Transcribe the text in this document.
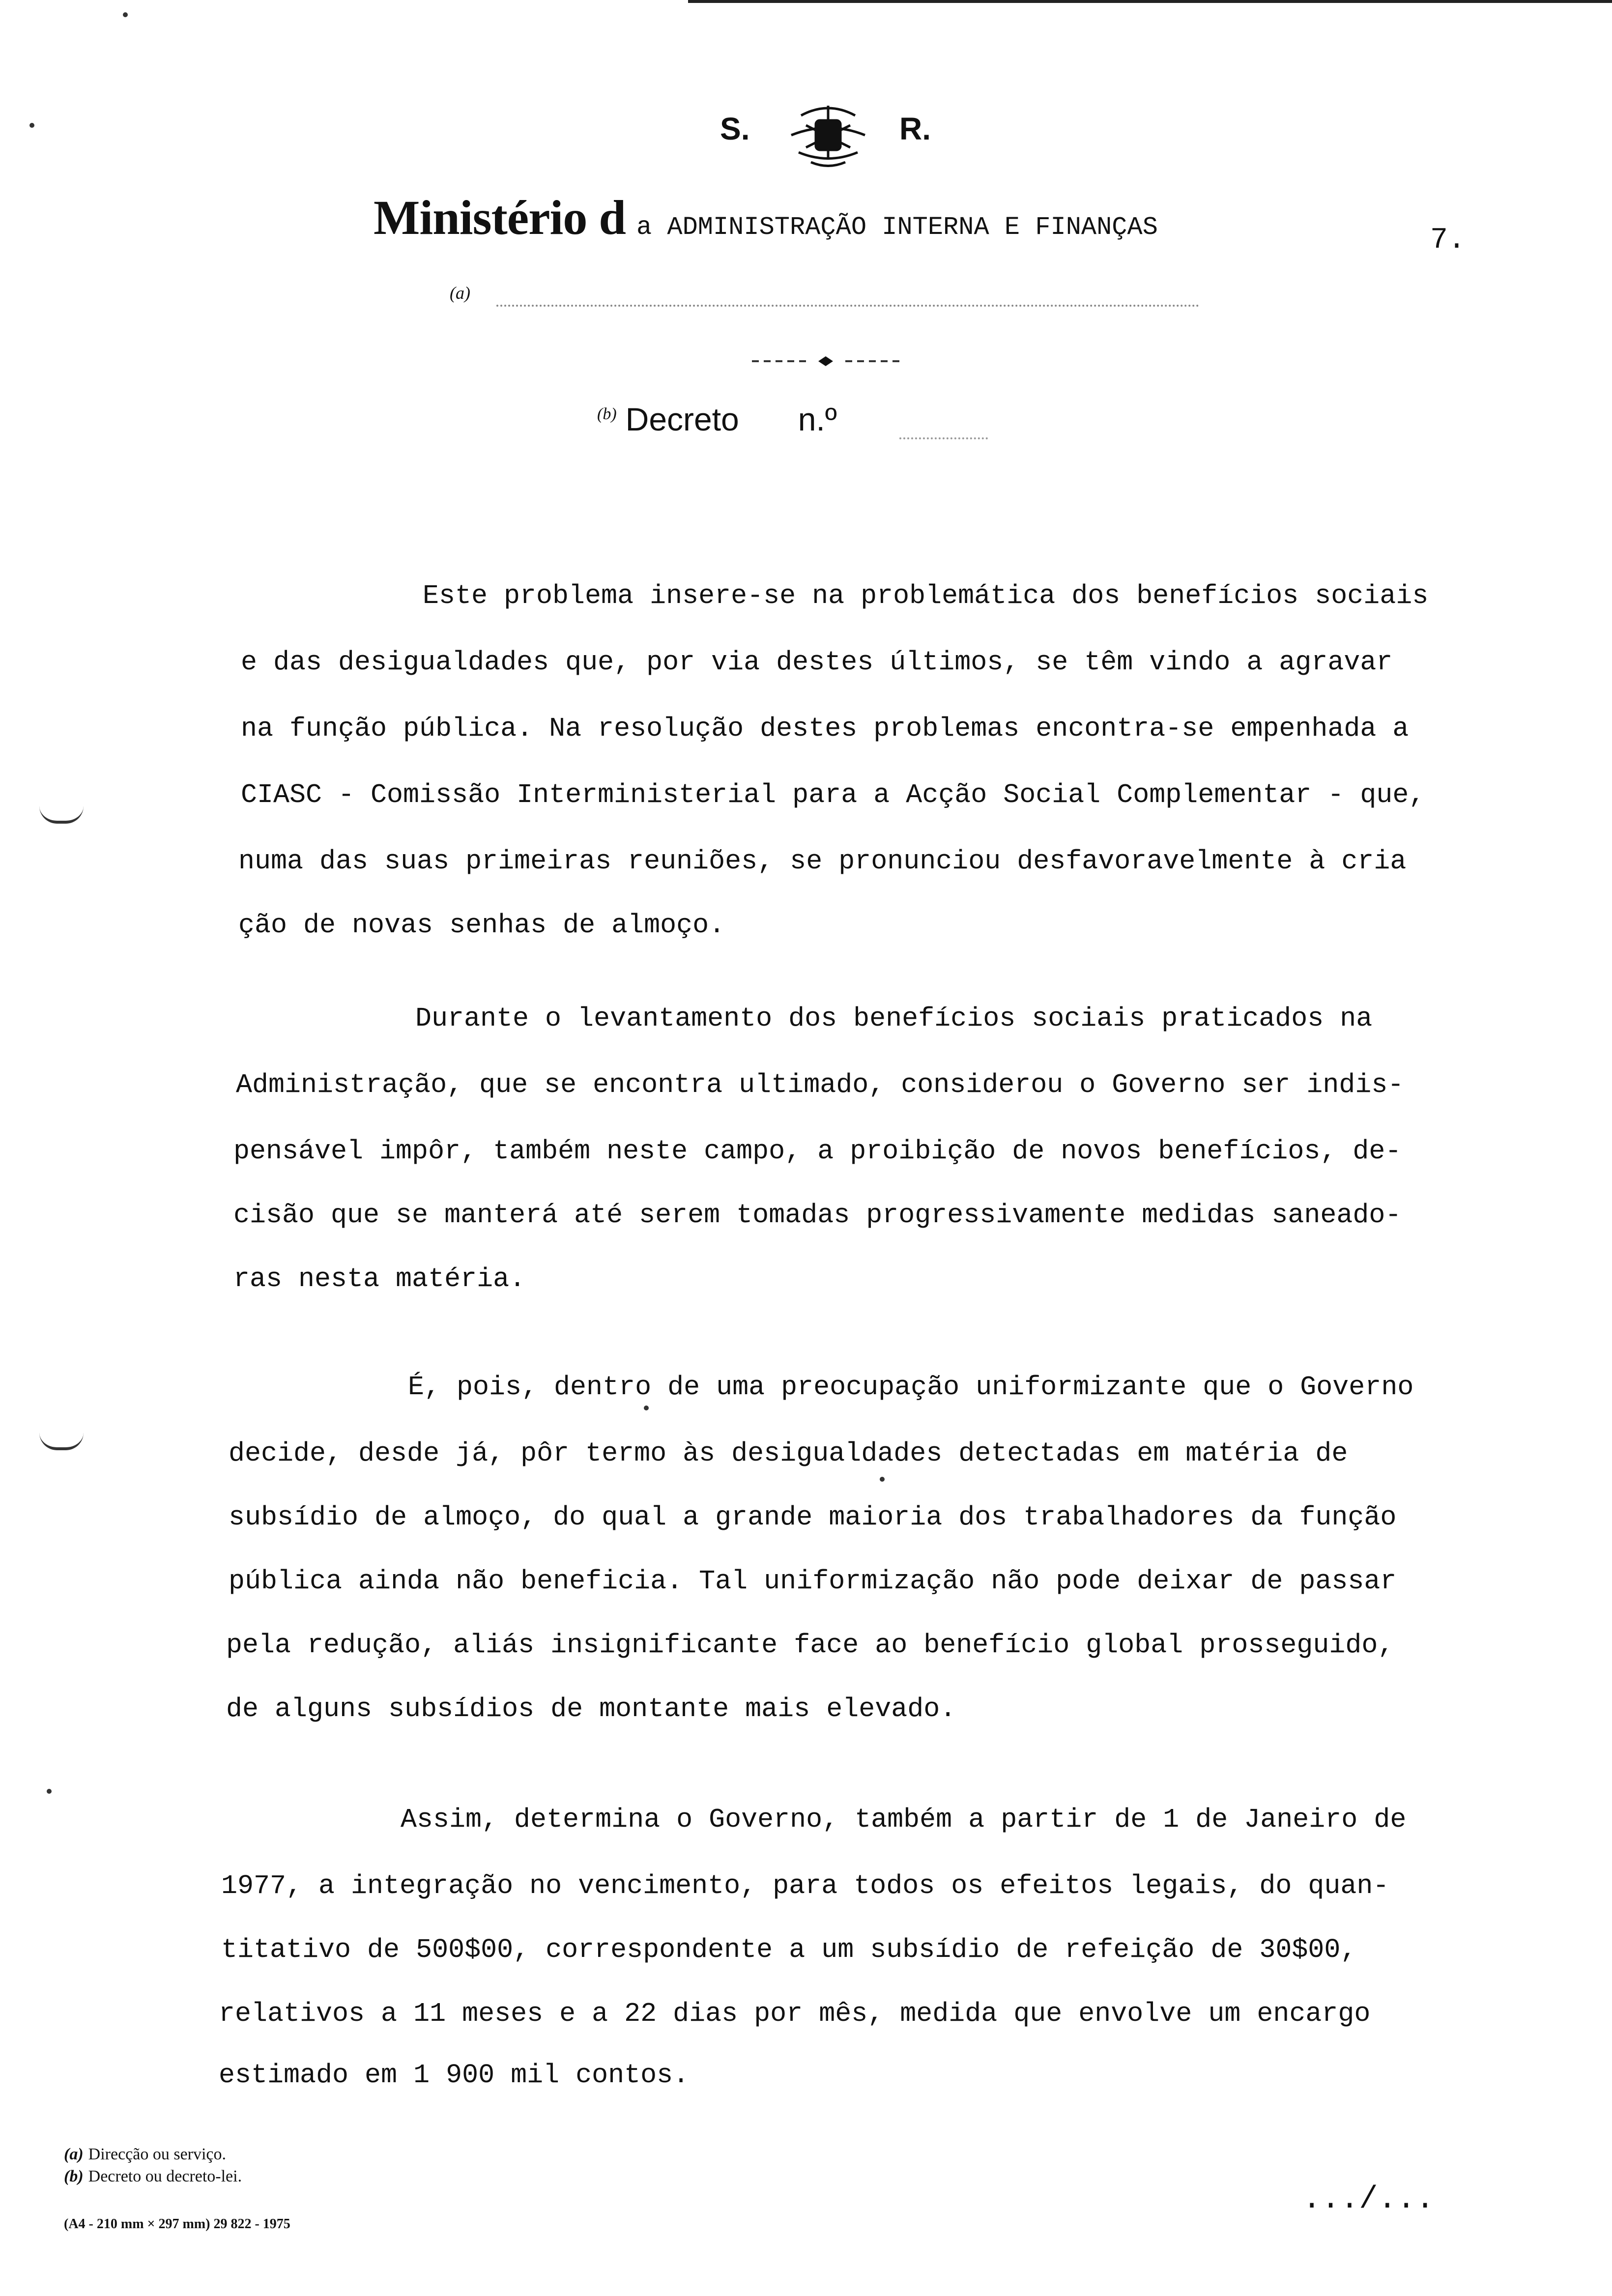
S.	R.
Ministério d a ADMINISTRAÇÃO INTERNA E FINANÇAS	7.
(a)
$^{(b)}$ Decreto n.º
Este problema insere-se na problemática dos benefícios sociais
e das desigualdades que, por via destes últimos, se têm vindo a agravar
na função pública. Na resolução destes problemas encontra-se empenhada a
CIASC - Comissão Interministerial para a Acção Social Complementar - que,
numa das suas primeiras reuniões, se pronunciou desfavoravelmente à cria
ção de novas senhas de almoço.
Durante o levantamento dos benefícios sociais praticados na
Administração, que se encontra ultimado, considerou o Governo ser indis-
pensável impôr, também neste campo, a proibição de novos benefícios, de-
cisão que se manterá até serem tomadas progressivamente medidas saneado-
ras nesta matéria.
É, pois, dentro de uma preocupação uniformizante que o Governo
decide, desde já, pôr termo às desigualdades detectadas em matéria de
subsídio de almoço, do qual a grande maioria dos trabalhadores da função
pública ainda não beneficia. Tal uniformização não pode deixar de passar
pela redução, aliás insignificante face ao benefício global prosseguido,
de alguns subsídios de montante mais elevado.
Assim, determina o Governo, também a partir de 1 de Janeiro de
1977, a integração no vencimento, para todos os efeitos legais, do quan-
titativo de 500$00, correspondente a um subsídio de refeição de 30$00,
relativos a 11 meses e a 22 dias por mês, medida que envolve um encargo
estimado em 1 900 mil contos.
(a) Direcção ou serviço.
(b) Decreto ou decreto-lei.
(A4 - 210 mm × 297 mm) 29 822 - 1975
.../...
